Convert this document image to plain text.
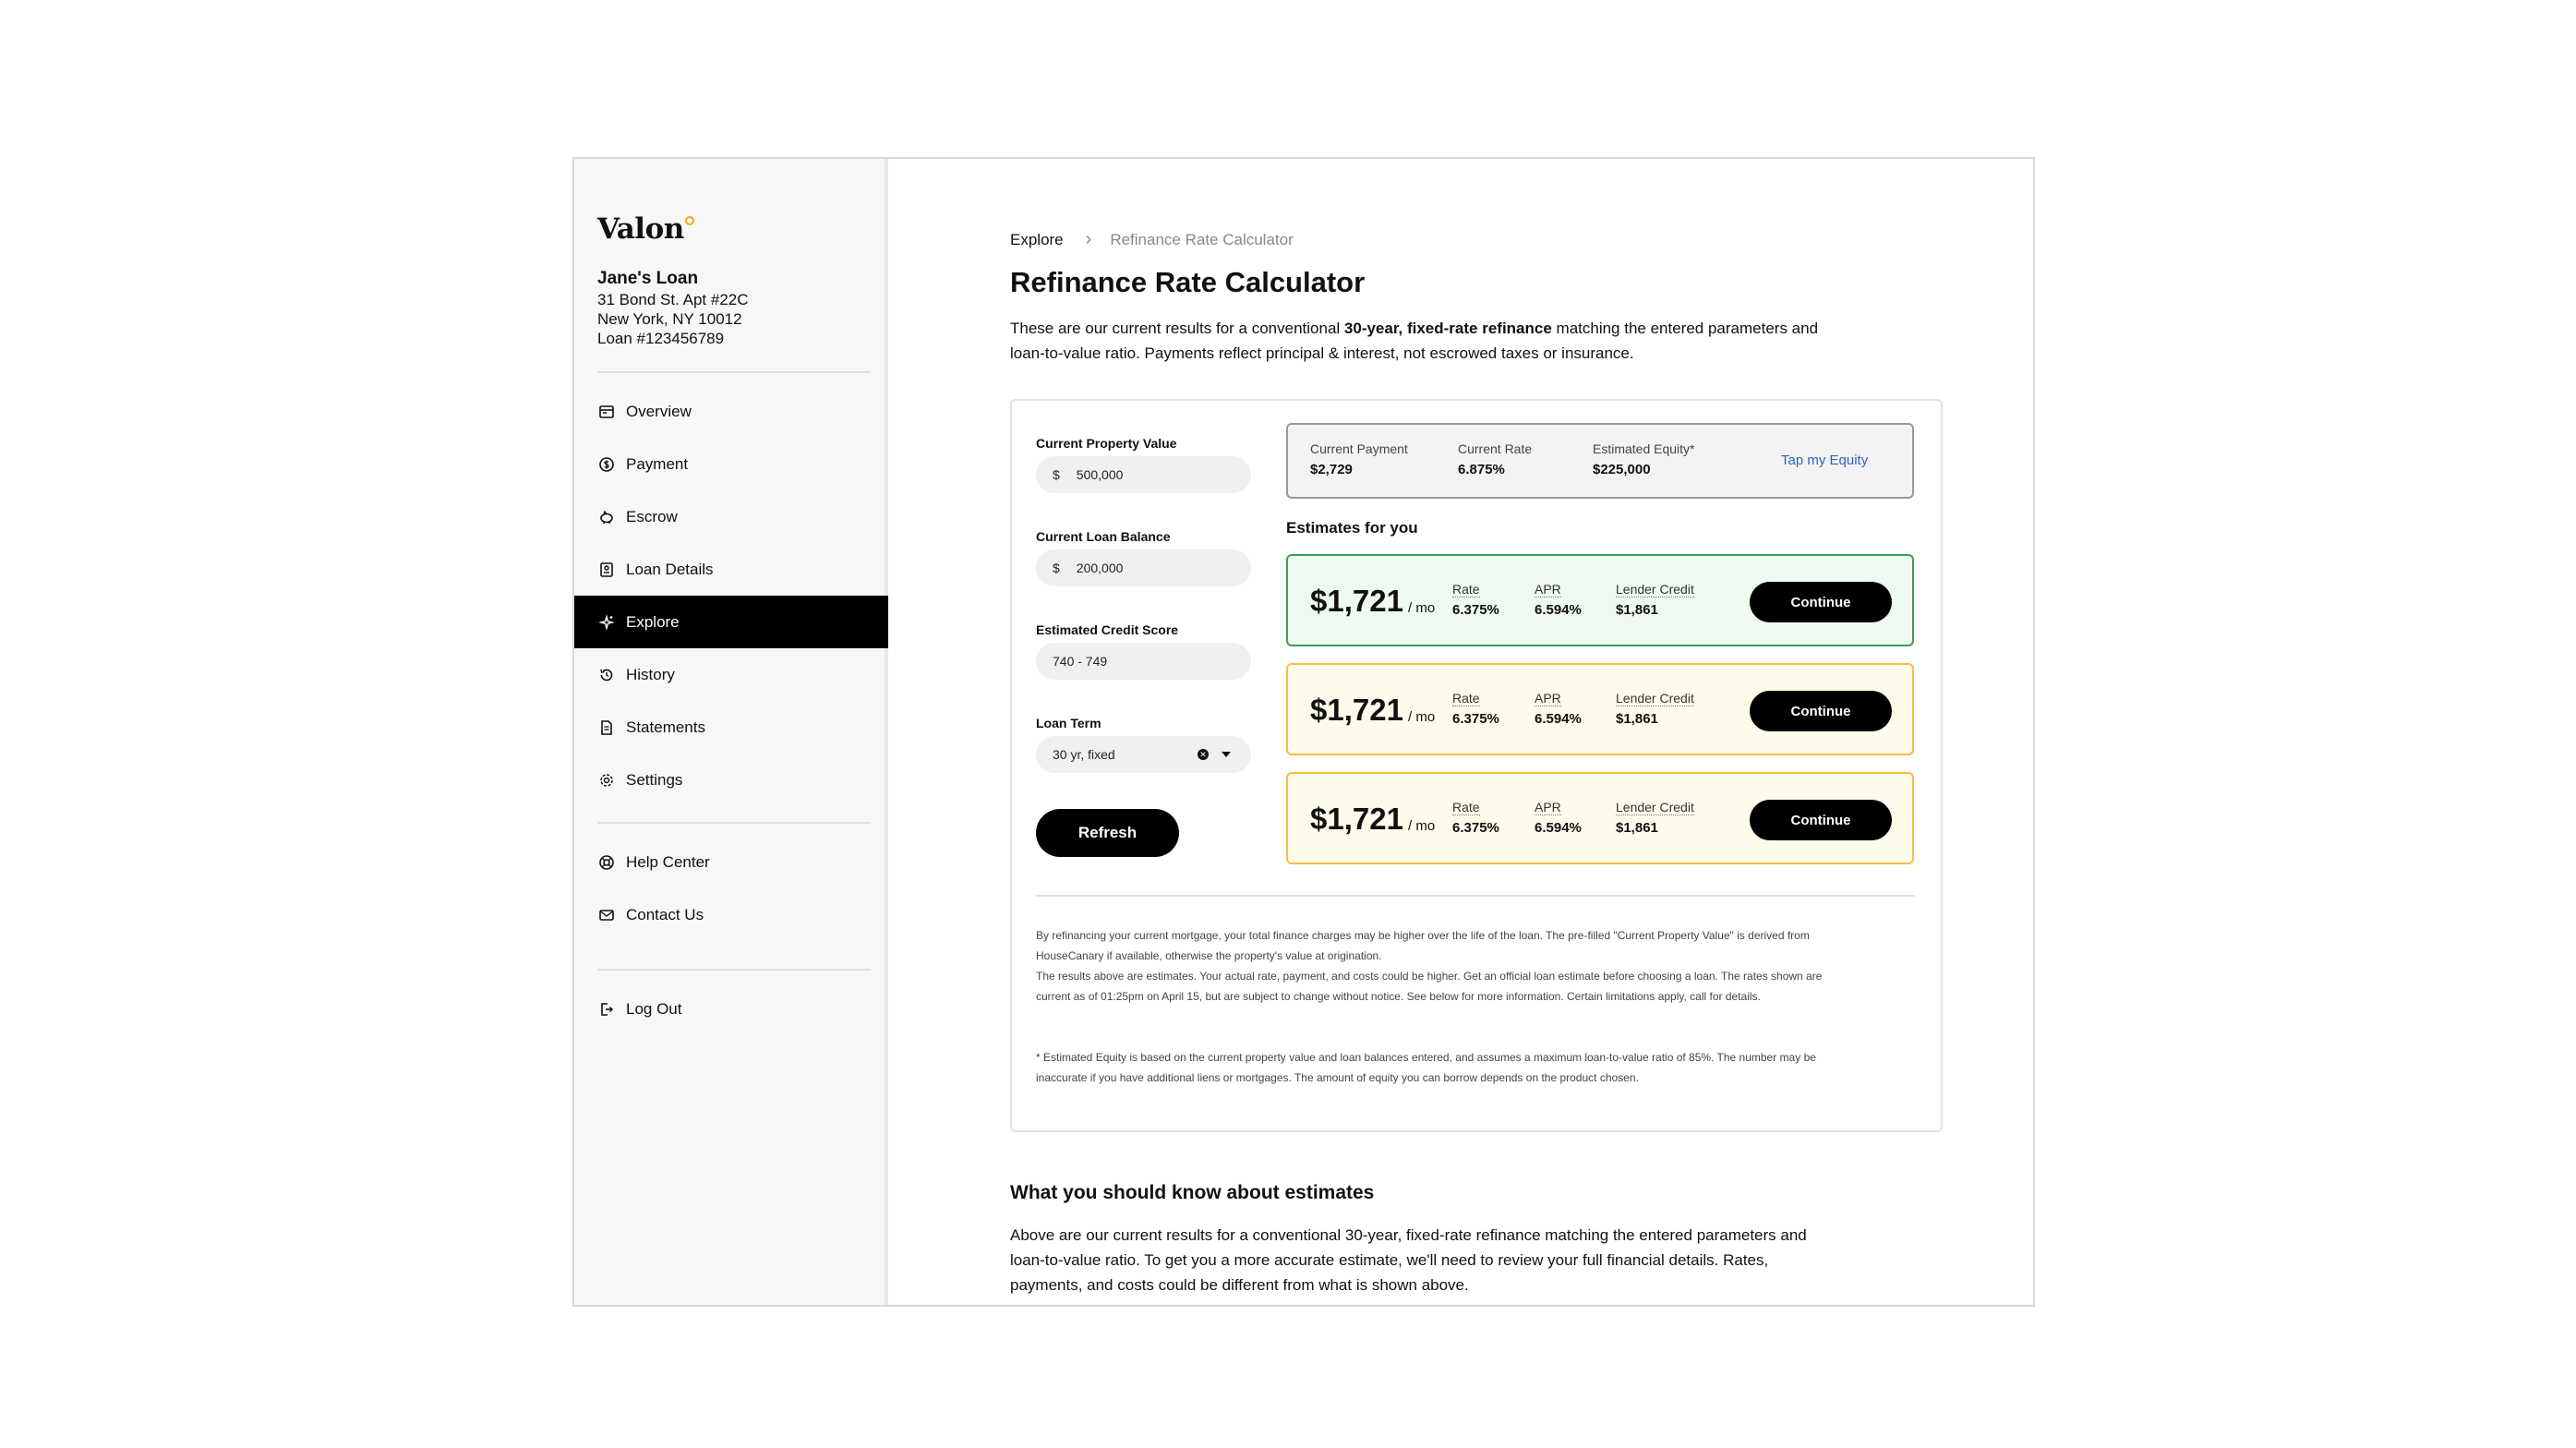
Valon
Jane's Loan
31 Bond St. Apt #22C
New York, NY 10012
Loan #123456789
Overview
Payment
Escrow
Loan Details
Explore
History
Statements
Settings
Help Center
Contact Us
Log Out
Explore › Refinance Rate Calculator
Refinance Rate Calculator

These are our current results for a conventional 30-year, fixed-rate refinance matching the entered parameters and loan-to-value ratio. Payments reflect principal & interest, not escrowed taxes or insurance.

Current Property Value
$ 500,000
Current Loan Balance
$ 200,000
Estimated Credit Score
740 - 749
Loan Term
30 yr, fixed	✕
Refresh
Current Payment
$2,729
Current Rate
6.875%
Estimated Equity*
$225,000
Tap my Equity
Estimates for you
$1,721 / mo
Rate
6.375%
APR
6.594%
Lender Credit
$1,861	Continue
$1,721 / mo
Rate
6.375%
APR
6.594%
Lender Credit
$1,861	Continue
$1,721 / mo
Rate
6.375%
APR
6.594%
Lender Credit
$1,861	Continue

By refinancing your current mortgage, your total finance charges may be higher over the life of the loan. The pre-filled "Current Property Value" is derived from HouseCanary if available, otherwise the property's value at origination.

The results above are estimates. Your actual rate, payment, and costs could be higher. Get an official loan estimate before choosing a loan. The rates shown are current as of 01:25pm on April 15, but are subject to change without notice. See below for more information. Certain limitations apply, call for details.

* Estimated Equity is based on the current property value and loan balances entered, and assumes a maximum loan-to-value ratio of 85%. The number may be inaccurate if you have additional liens or mortgages. The amount of equity you can borrow depends on the product chosen.

What you should know about estimates

Above are our current results for a conventional 30-year, fixed-rate refinance matching the entered parameters and loan-to-value ratio. To get you a more accurate estimate, we'll need to review your full financial details. Rates, payments, and costs could be different from what is shown above.
